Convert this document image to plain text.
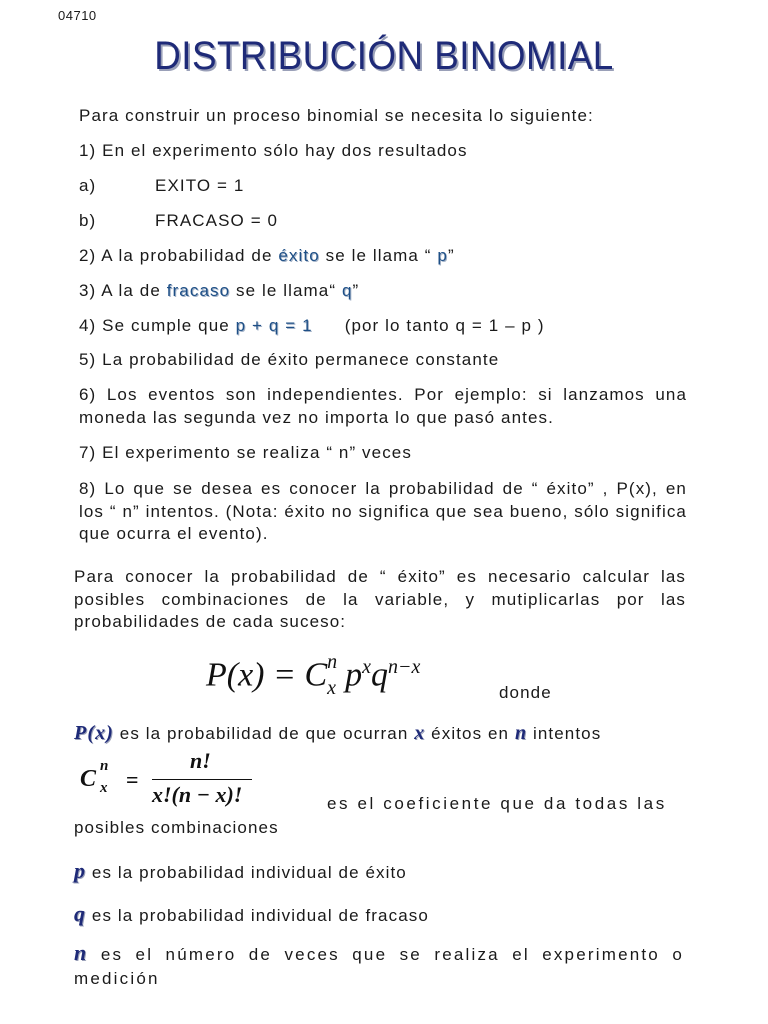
04710
DISTRIBUCIÓN BINOMIAL
Para construir un proceso binomial se necesita lo siguiente:
1) En el experimento sólo hay dos resultados
a)	EXITO = 1
b)	FRACASO = 0
2) A la probabilidad de éxito se le llama “ p”
3) A la de fracaso se le llama“ q”
4) Se cumple que p + q = 1 (por lo tanto q = 1 – p )
5) La probabilidad de éxito permanece constante
6) Los eventos son independientes. Por ejemplo: si lanzamos una moneda las segunda vez no importa lo que pasó antes.
7) El experimento se realiza “ n” veces
8) Lo que se desea es conocer la probabilidad de “ éxito” , P(x), en los “ n” intentos. (Nota: éxito no significa que sea bueno, sólo significa que ocurra el evento).
Para conocer la probabilidad de “ éxito” es necesario calcular las posibles combinaciones de la variable, y mutiplicarlas por las probabilidades de cada suceso:
P(x) = C n
x $p^xq^{n-x}$
donde
P(x) es la probabilidad de que ocurran x éxitos en n intentos
C n
x =
n!
x!(n − x)!	es el coeficiente que da todas las
posibles combinaciones
p es la probabilidad individual de éxito
q es la probabilidad individual de fracaso
n es el número de veces que se realiza el experimento o medición
